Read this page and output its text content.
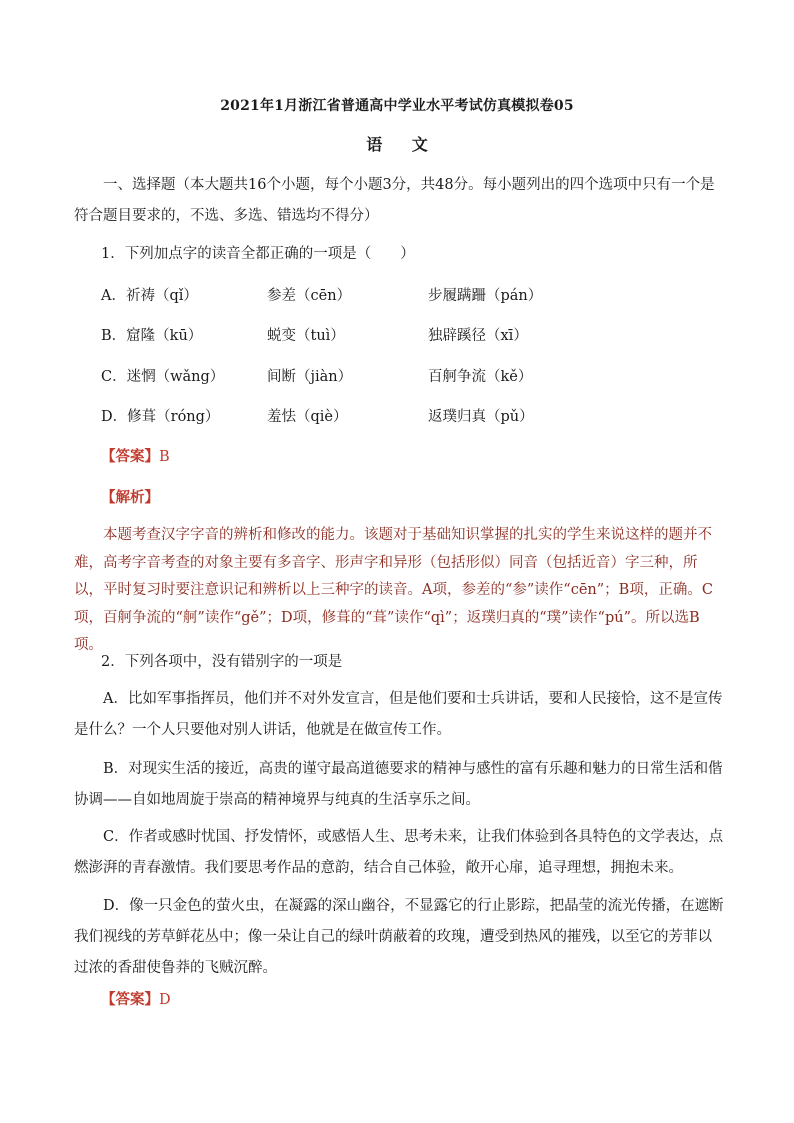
2021年1月浙江省普通高中学业水平考试仿真模拟卷05
语 文

一、选择题（本大题共16个小题，每个小题3分，共48分。每小题列出的四个选项中只有一个是符合题目要求的，不选、多选、错选均不得分）

1．下列加点字的读音全都正确的一项是（　　）
A．祈祷（qǐ）	参差（cēn）	步履蹒跚（pán）
B．窟隆（kū）	蜕变（tuì）	独辟蹊径（xī）
C．迷惘（wǎng）	间断（jiàn）	百舸争流（kě）
D．修葺（róng）	羞怯（qiè）	返璞归真（pǔ）
【答案】B
【解析】

本题考查汉字字音的辨析和修改的能力。该题对于基础知识掌握的扎实的学生来说这样的题并不难，高考字音考查的对象主要有多音字、形声字和异形（包括形似）同音（包括近音）字三种，所以，平时复习时要注意识记和辨析以上三种字的读音。A项，参差的“参”读作“cēn”；B项，正确。C项，百舸争流的“舸”读作“gě”；D项，修葺的“葺”读作“qì”；返璞归真的“璞”读作“pú”。所以选B项。

2．下列各项中，没有错别字的一项是

A．比如军事指挥员，他们并不对外发宣言，但是他们要和士兵讲话，要和人民接恰，这不是宣传是什么？一个人只要他对别人讲话，他就是在做宣传工作。

B．对现实生活的接近，高贵的谨守最高道德要求的精神与感性的富有乐趣和魅力的日常生活和偕协调——自如地周旋于崇高的精神境界与纯真的生活享乐之间。

C．作者或感时忧国、抒发情怀，或感悟人生、思考未来，让我们体验到各具特色的文学表达，点燃澎湃的青春激情。我们要思考作品的意韵，结合自己体验，敞开心扉，追寻理想，拥抱未来。

D．像一只金色的萤火虫，在凝露的深山幽谷，不显露它的行止影踪，把晶莹的流光传播，在遮断我们视线的芳草鲜花丛中；像一朵让自己的绿叶荫蔽着的玫瑰，遭受到热风的摧残，以至它的芳菲以过浓的香甜使鲁莽的飞贼沉醉。

【答案】D
